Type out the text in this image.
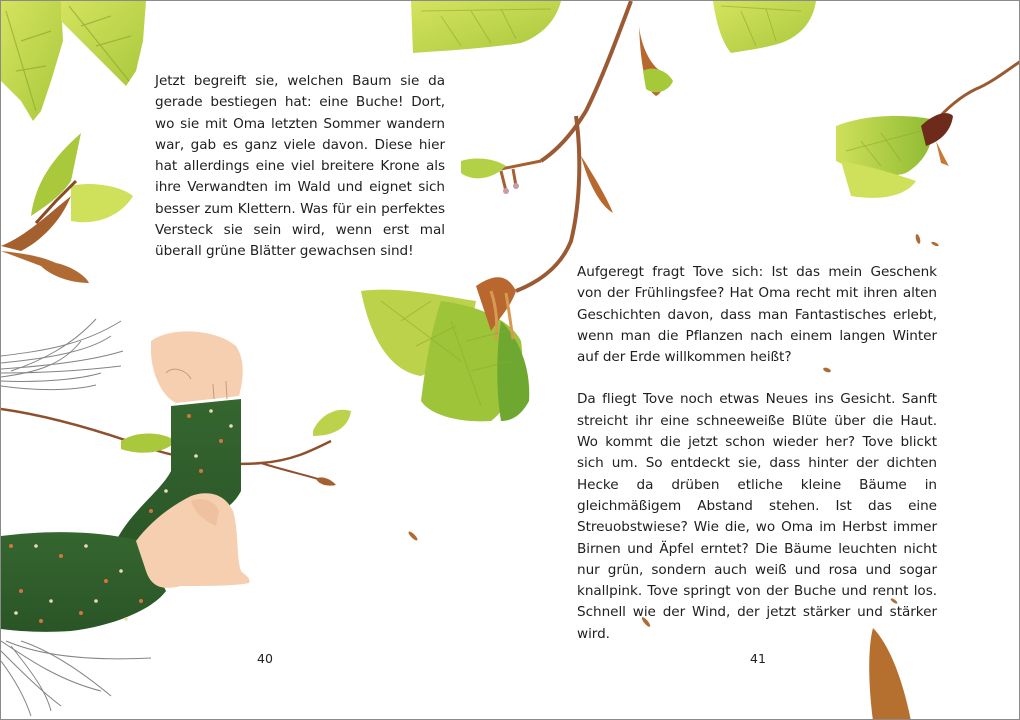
Jetzt begreift sie, welchen Baum sie da gerade bestiegen hat: eine Buche! Dort, wo sie mit Oma letzten Sommer wandern war, gab es ganz viele davon. Diese hier hat allerdings eine viel breitere Krone als ihre Verwandten im Wald und eignet sich besser zum Klettern. Was für ein perfektes Versteck sie sein wird, wenn erst mal überall grüne Blätter gewachsen sind!

Aufgeregt fragt Tove sich: Ist das mein Geschenk von der Frühlingsfee? Hat Oma recht mit ihren alten Geschichten davon, dass man Fantastisches erlebt, wenn man die Pflanzen nach einem langen Winter auf der Erde willkommen heißt?

Da fliegt Tove noch etwas Neues ins Gesicht. Sanft streicht ihr eine schneeweiße Blüte über die Haut. Wo kommt die jetzt schon wieder her? Tove blickt sich um. So entdeckt sie, dass hinter der dichten Hecke da drüben etliche kleine Bäume in gleichmäßigem Abstand stehen. Ist das eine Streuobstwiese? Wie die, wo Oma im Herbst immer Birnen und Äpfel erntet? Die Bäume leuchten nicht nur grün, sondern auch weiß und rosa und sogar knallpink. Tove springt von der Buche und rennt los. Schnell wie der Wind, der jetzt stärker und stärker wird.

40	41
